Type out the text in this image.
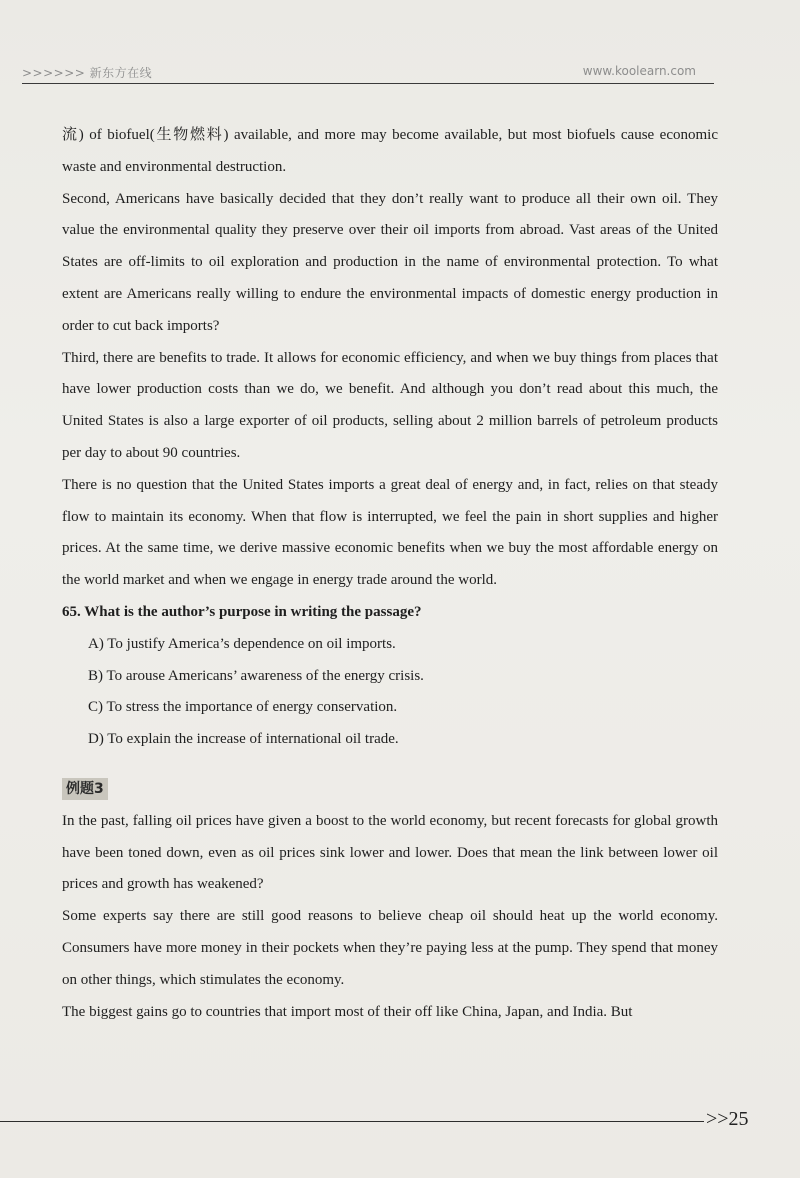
>>>>>> 新东方在线	www.koolearn.com

流) of biofuel(生物燃料) available, and more may become available, but most biofuels cause economic waste and environmental destruction.

Second, Americans have basically decided that they don’t really want to produce all their own oil. They value the environmental quality they preserve over their oil imports from abroad. Vast areas of the United States are off-limits to oil exploration and production in the name of environmental protection. To what extent are Americans really willing to endure the environmental impacts of domestic energy production in order to cut back imports?

Third, there are benefits to trade. It allows for economic efficiency, and when we buy things from places that have lower production costs than we do, we benefit. And although you don’t read about this much, the United States is also a large exporter of oil products, selling about 2 million barrels of petroleum products per day to about 90 countries.

There is no question that the United States imports a great deal of energy and, in fact, relies on that steady flow to maintain its economy. When that flow is interrupted, we feel the pain in short supplies and higher prices. At the same time, we derive massive economic benefits when we buy the most affordable energy on the world market and when we engage in energy trade around the world.

65. What is the author’s purpose in writing the passage?

A) To justify America’s dependence on oil imports.
B) To arouse Americans’ awareness of the energy crisis.
C) To stress the importance of energy conservation.
D) To explain the increase of international oil trade.
例题3

In the past, falling oil prices have given a boost to the world economy, but recent forecasts for global growth have been toned down, even as oil prices sink lower and lower. Does that mean the link between lower oil prices and growth has weakened?

Some experts say there are still good reasons to believe cheap oil should heat up the world economy. Consumers have more money in their pockets when they’re paying less at the pump. They spend that money on other things, which stimulates the economy.

The biggest gains go to countries that import most of their off like China, Japan, and India. But

>>25
